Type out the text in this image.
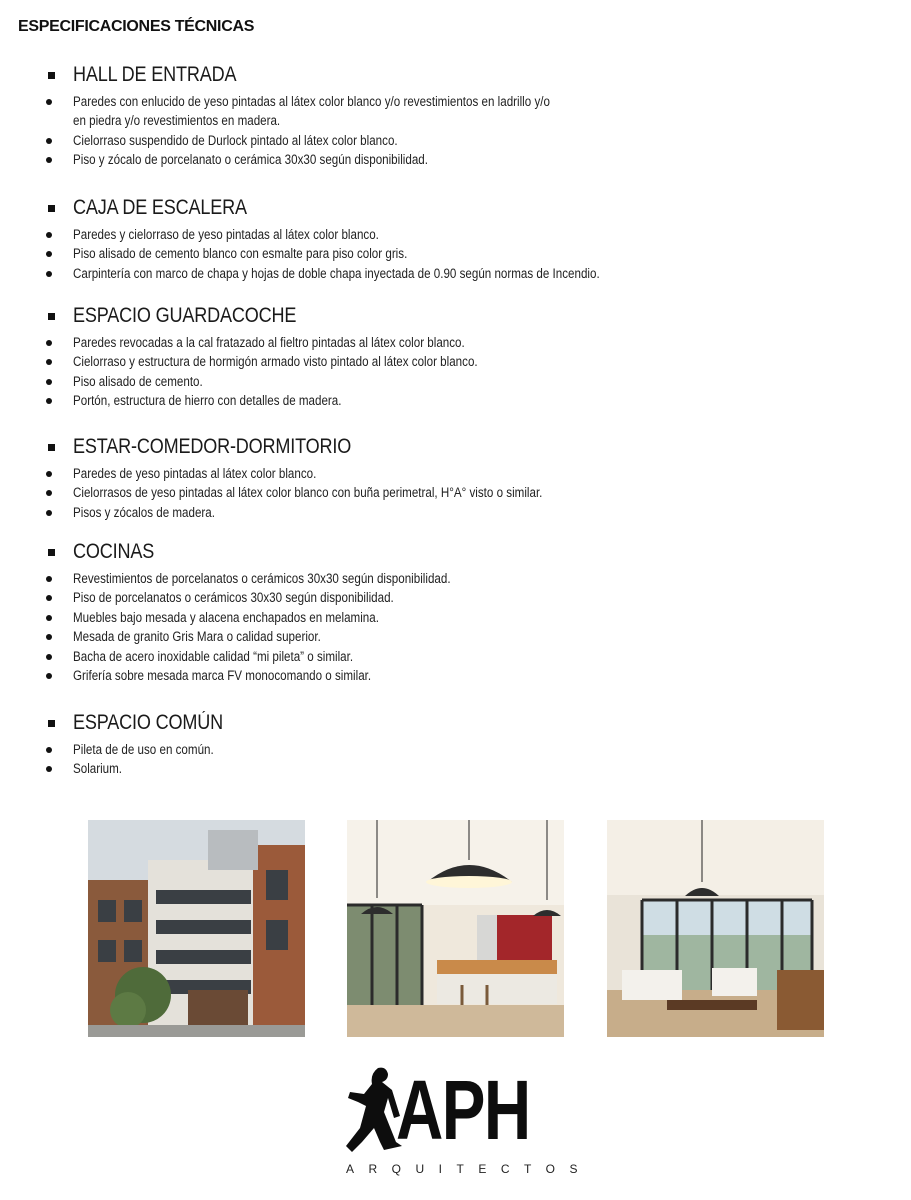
ESPECIFICACIONES TÉCNICAS
HALL DE ENTRADA
Paredes con enlucido de yeso pintadas al látex color blanco y/o revestimientos en ladrillo y/o
en piedra y/o revestimientos en madera.
Cielorraso suspendido de Durlock pintado al látex color blanco.
Piso y zócalo de porcelanato o cerámica 30x30 según disponibilidad.
CAJA DE ESCALERA
Paredes y cielorraso de yeso pintadas al látex color blanco.
Piso alisado de cemento blanco con esmalte para piso color gris.
Carpintería con marco de chapa y hojas de doble chapa inyectada de 0.90 según normas de Incendio.
ESPACIO GUARDACOCHE
Paredes revocadas a la cal fratazado al fieltro pintadas al látex color blanco.
Cielorraso y estructura de hormigón armado visto pintado al látex color blanco.
Piso alisado de cemento.
Portón, estructura de hierro con detalles de madera.
ESTAR-COMEDOR-DORMITORIO
Paredes de yeso pintadas al látex color blanco.
Cielorrasos de yeso pintadas al látex color blanco con buña perimetral, H°A° visto o similar.
Pisos y zócalos de madera.
COCINAS
Revestimientos de porcelanatos o cerámicos 30x30 según disponibilidad.
Piso de porcelanatos o cerámicos 30x30 según disponibilidad.
Muebles bajo mesada y alacena enchapados en melamina.
Mesada de granito Gris Mara o calidad superior.
Bacha de acero inoxidable calidad “mi pileta” o similar.
Grifería sobre mesada marca FV monocomando o similar.
ESPACIO COMÚN
Pileta de de uso en común.
Solarium.
APH
ARQUITECTOS
